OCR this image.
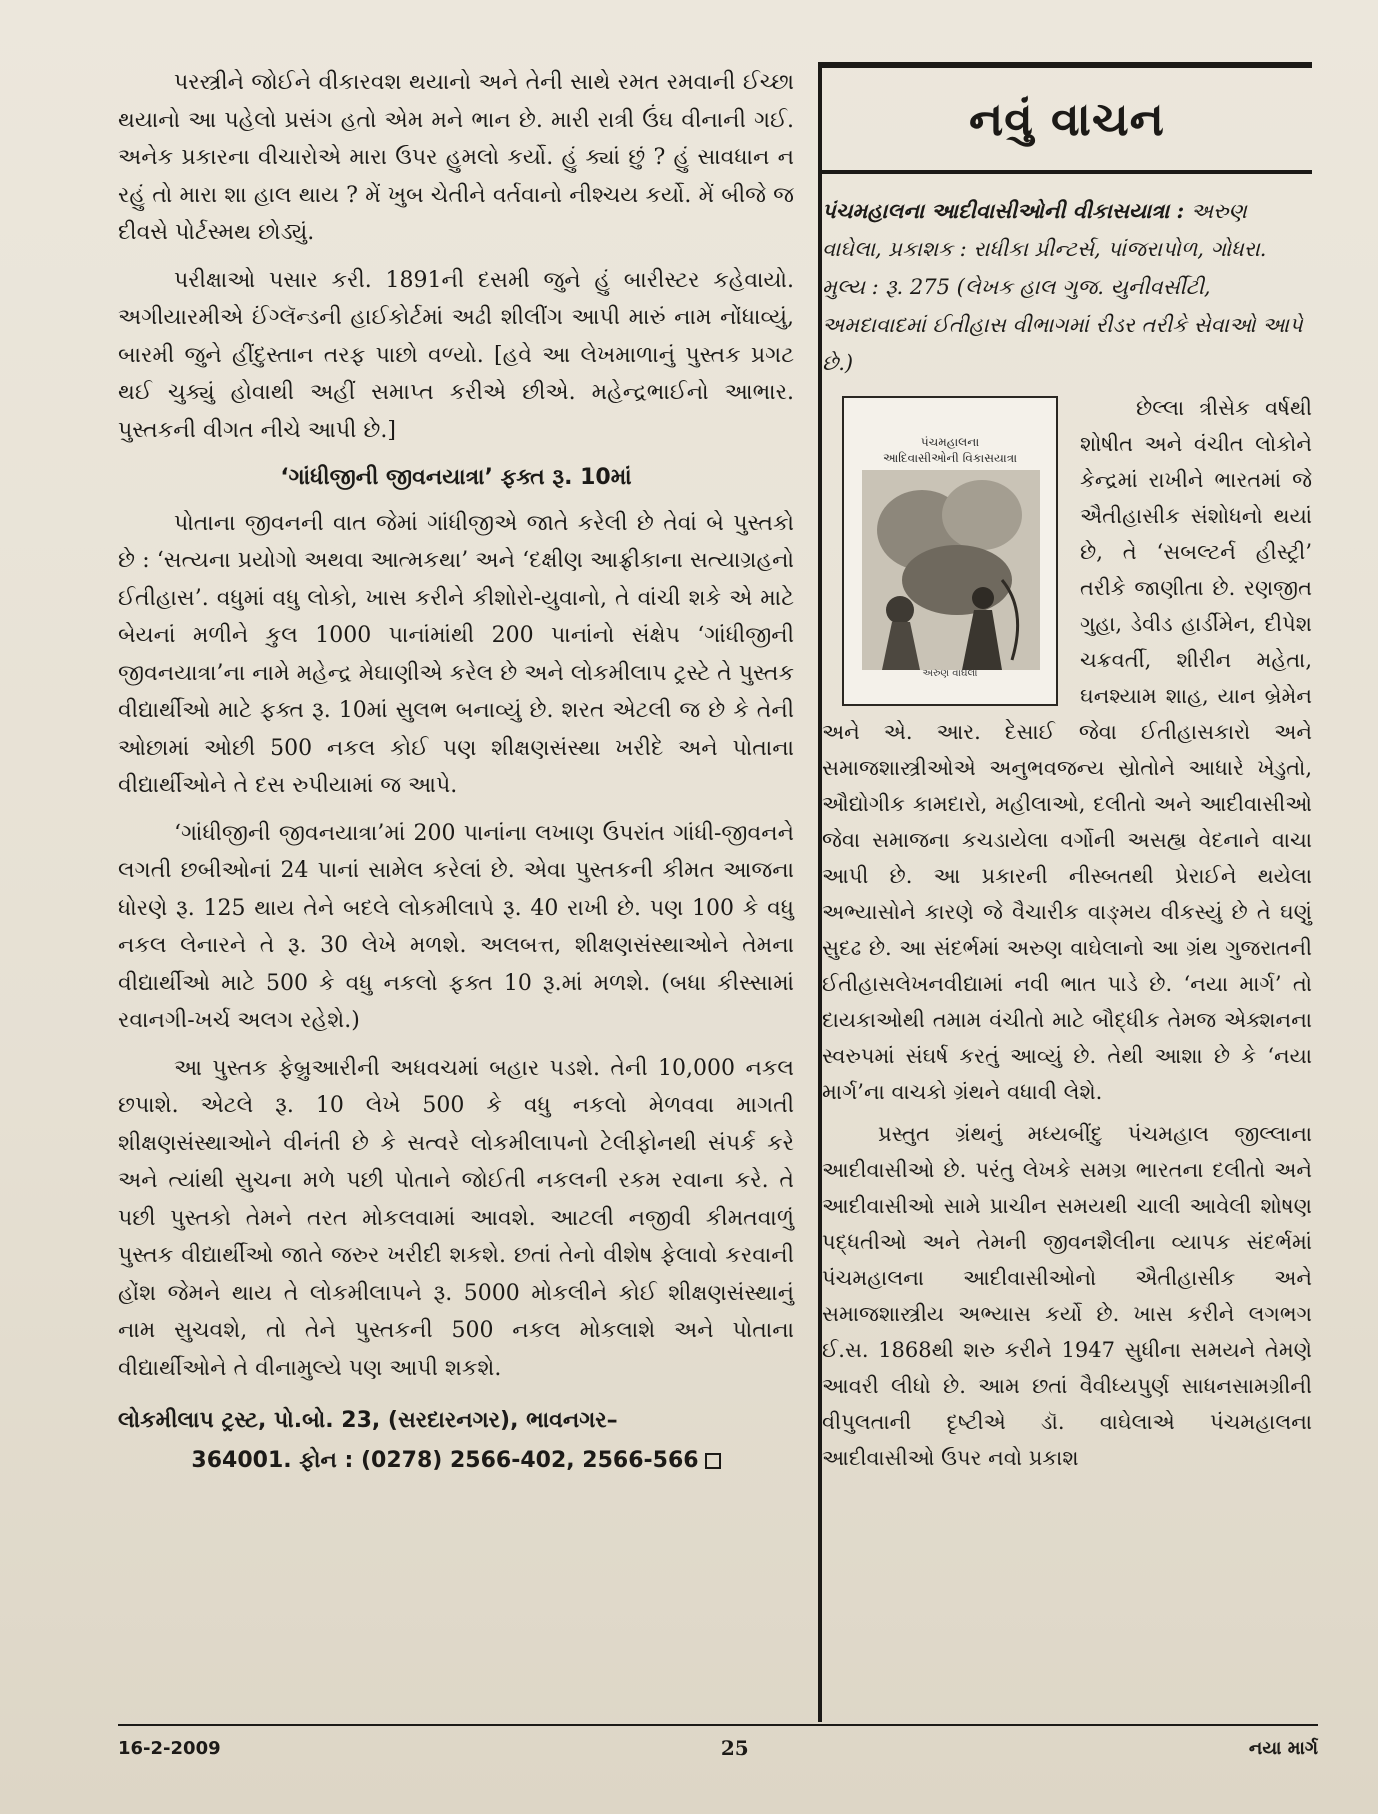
પરસ્ત્રીને જોઈને વીકારવશ થયાનો અને તેની સાથે રમત રમવાની ઈચ્છા થયાનો આ પહેલો પ્રસંગ હતો એમ મને ભાન છે. મારી રાત્રી ઉંઘ વીનાની ગઈ. અનેક પ્રકારના વીચારોએ મારા ઉપર હુમલો કર્યો. હું ક્યાં છું ? હું સાવધાન ન રહું તો મારા શા હાલ થાય ? મેં ખુબ ચેતીને વર્તવાનો નીશ્ચય કર્યો. મેં બીજે જ દીવસે પોર્ટસ્મથ છોડ્યું.

પરીક્ષાઓ પસાર કરી. 1891ની દસમી જુને હું બારીસ્ટર કહેવાયો. અગીયારમીએ ઈંગ્લૅન્ડની હાઈકોર્ટમાં અઢી શીલીંગ આપી મારું નામ નોંધાવ્યું, બારમી જુને હીંદુસ્તાન તરફ પાછો વળ્યો. [હવે આ લેખમાળાનું પુસ્તક પ્રગટ થઈ ચુક્યું હોવાથી અહીં સમાપ્ત કરીએ છીએ. મહેન્દ્રભાઈનો આભાર. પુસ્તકની વીગત નીચે આપી છે.]

‘ગાંધીજીની જીવનયાત્રા’ ફક્ત રૂ. 10માં

પોતાના જીવનની વાત જેમાં ગાંધીજીએ જાતે કરેલી છે તેવાં બે પુસ્તકો છે : ‘સત્યના પ્રયોગો અથવા આત્મકથા’ અને ‘દક્ષીણ આફ્રીકાના સત્યાગ્રહનો ઈતીહાસ’. વધુમાં વધુ લોકો, ખાસ કરીને કીશોરો-યુવાનો, તે વાંચી શકે એ માટે બેયનાં મળીને કુલ 1000 પાનાંમાંથી 200 પાનાંનો સંક્ષેપ ‘ગાંધીજીની જીવનયાત્રા’ના નામે મહેન્દ્ર મેઘાણીએ કરેલ છે અને લોકમીલાપ ટ્રસ્ટે તે પુસ્તક વીદ્યાર્થીઓ માટે ફક્ત રૂ. 10માં સુલભ બનાવ્યું છે. શરત એટલી જ છે કે તેની ઓછામાં ઓછી 500 નકલ કોઈ પણ શીક્ષણસંસ્થા ખરીદે અને પોતાના વીદ્યાર્થીઓને તે દસ રુપીયામાં જ આપે.

‘ગાંધીજીની જીવનયાત્રા’માં 200 પાનાંના લખાણ ઉપરાંત ગાંધી-જીવનને લગતી છબીઓનાં 24 પાનાં સામેલ કરેલાં છે. એવા પુસ્તકની કીમત આજના ધોરણે રૂ. 125 થાય તેને બદલે લોકમીલાપે રૂ. 40 રાખી છે. પણ 100 કે વધુ નકલ લેનારને તે રૂ. 30 લેખે મળશે. અલબત્ત, શીક્ષણસંસ્થાઓને તેમના વીદ્યાર્થીઓ માટે 500 કે વધુ નકલો ફક્ત 10 રૂ.માં મળશે. (બધા કીસ્સામાં રવાનગી-ખર્ચ અલગ રહેશે.)

આ પુસ્તક ફેબ્રુઆરીની અધવચમાં બહાર પડશે. તેની 10,000 નકલ છપાશે. એટલે રૂ. 10 લેખે 500 કે વધુ નકલો મેળવવા માગતી શીક્ષણસંસ્થાઓને વીનંતી છે કે સત્વરે લોકમીલાપનો ટેલીફોનથી સંપર્ક કરે અને ત્યાંથી સુચના મળે પછી પોતાને જોઈતી નકલની રકમ રવાના કરે. તે પછી પુસ્તકો તેમને તરત મોકલવામાં આવશે. આટલી નજીવી કીમતવાળું પુસ્તક વીદ્યાર્થીઓ જાતે જરુર ખરીદી શકશે. છતાં તેનો વીશેષ ફેલાવો કરવાની હોંશ જેમને થાય તે લોકમીલાપને રૂ. 5000 મોકલીને કોઈ શીક્ષણસંસ્થાનું નામ સુચવશે, તો તેને પુસ્તકની 500 નકલ મોકલાશે અને પોતાના વીદ્યાર્થીઓને તે વીનામુલ્યે પણ આપી શકશે.

લોકમીલાપ ટ્રસ્ટ, પો.બો. 23, (સરદારનગર), ભાવનગર–
364001. ફોન : (0278) 2566-402, 2566-566

નવું વાચન
પંચમહાલના આદીવાસીઓની વીકાસયાત્રા : અરુણ વાઘેલા, પ્રકાશક : રાધીકા પ્રીન્ટર્સ, પાંજરાપોળ, ગોધરા. મુલ્ય : રૂ. 275 (લેખક હાલ ગુજ. યુનીવર્સીટી, અમદાવાદમાં ઈતીહાસ વીભાગમાં રીડર તરીકે સેવાઓ આપે છે.)
પંચમહાલના
આદિવાસીઓની વિકાસયાત્રા
અરુણ વાઘેલા

છેલ્લા ત્રીસેક વર્ષથી શોષીત અને વંચીત લોકોને કેન્દ્રમાં રાખીને ભારતમાં જે ઐતીહાસીક સંશોધનો થયાં છે, તે ‘સબલ્ટર્ન હીસ્ટ્રી’ તરીકે જાણીતા છે. રણજીત ગુહા, ડેવીડ હાર્ડીમેન, દીપેશ ચક્રવર્તી, શીરીન મહેતા, ઘનશ્યામ શાહ, યાન બ્રેમેન અને એ. આર. દેસાઈ જેવા ઈતીહાસકારો અને સમાજશાસ્ત્રીઓએ અનુભવજન્ય સ્રોતોને આધારે ખેડુતો, ઔદ્યોગીક કામદારો, મહીલાઓ, દલીતો અને આદીવાસીઓ જેવા સમાજના કચડાયેલા વર્ગોની અસહ્ય વેદનાને વાચા આપી છે. આ પ્રકારની નીસ્બતથી પ્રેરાઈને થયેલા અભ્યાસોને કારણે જે વૈચારીક વાઙ્મય વીકસ્યું છે તે ઘણું સુદઢ છે. આ સંદર્ભમાં અરુણ વાઘેલાનો આ ગ્રંથ ગુજરાતની ઈતીહાસલેખનવીદ્યામાં નવી ભાત પાડે છે. ‘નયા માર્ગ’ તો દાયકાઓથી તમામ વંચીતો માટે બૌદ્ધીક તેમજ એક્શનના સ્વરુપમાં સંઘર્ષ કરતું આવ્યું છે. તેથી આશા છે કે ‘નયા માર્ગ’ના વાચકો ગ્રંથને વધાવી લેશે.

પ્રસ્તુત ગ્રંથનું મધ્યબીંદુ પંચમહાલ જીલ્લાના આદીવાસીઓ છે. પરંતુ લેખકે સમગ્ર ભારતના દલીતો અને આદીવાસીઓ સામે પ્રાચીન સમયથી ચાલી આવેલી શોષણ પદ્ધતીઓ અને તેમની જીવનશૈલીના વ્યાપક સંદર્ભમાં પંચમહાલના આદીવાસીઓનો ઐતીહાસીક અને સમાજશાસ્ત્રીય અભ્યાસ કર્યો છે. ખાસ કરીને લગભગ ઈ.સ. 1868થી શરુ કરીને 1947 સુધીના સમયને તેમણે આવરી લીધો છે. આમ છતાં વૈવીધ્યપુર્ણ સાધનસામગ્રીની વીપુલતાની દૃષ્ટીએ ડૉ. વાઘેલાએ પંચમહાલના આદીવાસીઓ ઉપર નવો પ્રકાશ

16-2-2009	25	નયા માર્ગ
